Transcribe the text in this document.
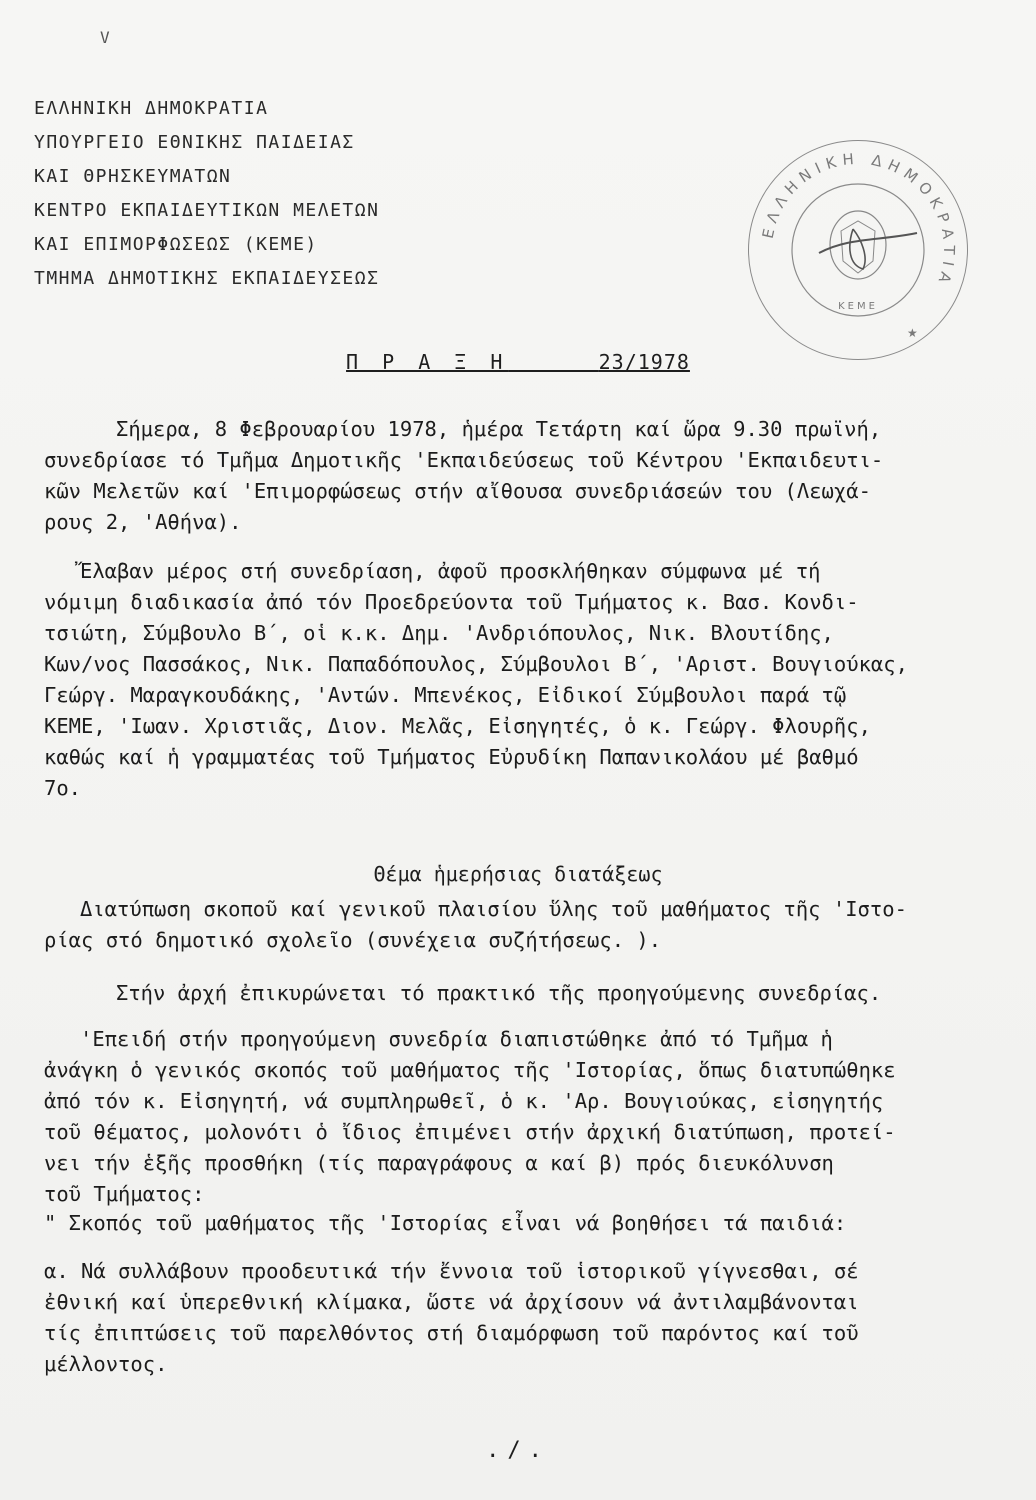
V
ΕΛΛΗΝΙΚΗ ΔΗΜΟΚΡΑΤΙΑ
ΥΠΟΥΡΓΕΙΟ ΕΘΝΙΚΗΣ ΠΑΙΔΕΙΑΣ
ΚΑΙ ΘΡΗΣΚΕΥΜΑΤΩΝ
ΚΕΝΤΡΟ ΕΚΠΑΙΔΕΥΤΙΚΩΝ ΜΕΛΕΤΩΝ
ΚΑΙ ΕΠΙΜΟΡΦΩΣΕΩΣ (ΚΕΜΕ)
ΤΜΗΜΑ ΔΗΜΟΤΙΚΗΣ ΕΚΠΑΙΔΕΥΣΕΩΣ
ΕΛΛΗΝΙΚΗ ΔΗΜΟΚΡΑΤΙΑ
ΚΕΜΕ
★
Π Ρ Α Ξ Η	23/1978
Σήμερα, 8 Φεβρουαρίου 1978, ἡμέρα Τετάρτη καί ὥρα 9.30 πρωϊνή,
συνεδρίασε τό Τμῆμα Δημοτικῆς 'Εκπαιδεύσεως τοῦ Κέντρου 'Εκπαιδευτι-
κῶν Μελετῶν καί 'Επιμορφώσεως στήν αἴθουσα συνεδριάσεών του (Λεωχά-
ρους 2, 'Αθήνα).
Ἔλαβαν μέρος στή συνεδρίαση, ἀφοῦ προσκλήθηκαν σύμφωνα μέ τή
νόμιμη διαδικασία ἀπό τόν Προεδρεύοντα τοῦ Τμήματος κ. Βασ. Κονδι-
τσιώτη, Σύμβουλο Β΄, οἱ κ.κ. Δημ. 'Ανδριόπουλος, Νικ. Βλουτίδης,
Κων/νος Πασσάκος, Νικ. Παπαδόπουλος, Σύμβουλοι Β΄, 'Αριστ. Βουγιούκας,
Γεώργ. Μαραγκουδάκης, 'Αντών. Μπενέκος, Εἰδικοί Σύμβουλοι παρά τῷ
ΚΕΜΕ, 'Ιωαν. Χριστιᾶς, Διον. Μελᾶς, Εἰσηγητές, ὁ κ. Γεώργ. Φλουρῆς,
καθώς καί ἡ γραμματέας τοῦ Τμήματος Εὐρυδίκη Παπανικολάου μέ βαθμό
7ο.
Θέμα ἡμερήσιας διατάξεως
Διατύπωση σκοποῦ καί γενικοῦ πλαισίου ὕλης τοῦ μαθήματος τῆς 'Ιστο-
ρίας στό δημοτικό σχολεῖο (συνέχεια συζήτήσεως. ).
Στήν ἀρχή ἐπικυρώνεται τό πρακτικό τῆς προηγούμενης συνεδρίας.
'Επειδή στήν προηγούμενη συνεδρία διαπιστώθηκε ἀπό τό Τμῆμα ἡ
ἀνάγκη ὁ γενικός σκοπός τοῦ μαθήματος τῆς 'Ιστορίας, ὅπως διατυπώθηκε
ἀπό τόν κ. Εἰσηγητή, νά συμπληρωθεῖ, ὁ κ. 'Αρ. Βουγιούκας, εἰσηγητής
τοῦ θέματος, μολονότι ὁ ἴδιος ἐπιμένει στήν ἀρχική διατύπωση, προτεί-
νει τήν ἑξῆς προσθήκη (τίς παραγράφους α καί β) πρός διευκόλυνση
τοῦ Τμήματος:
" Σκοπός τοῦ μαθήματος τῆς 'Ιστορίας εἶναι νά βοηθήσει τά παιδιά:
α. Νά συλλάβουν προοδευτικά τήν ἔννοια τοῦ ἱστορικοῦ γίγνεσθαι, σέ
ἐθνική καί ὑπερεθνική κλίμακα, ὥστε νά ἀρχίσουν νά ἀντιλαμβάνονται
τίς ἐπιπτώσεις τοῦ παρελθόντος στή διαμόρφωση τοῦ παρόντος καί τοῦ
μέλλοντος.
./.
